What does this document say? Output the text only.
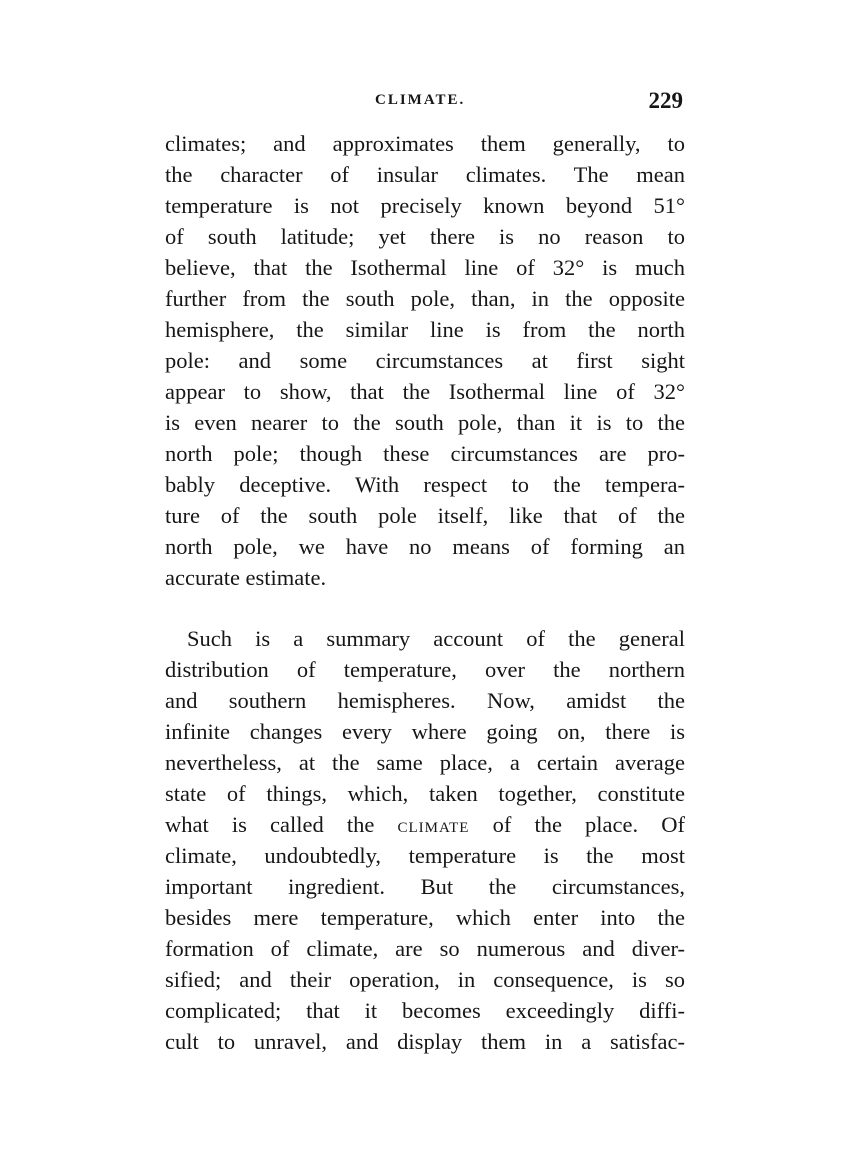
CLIMATE.	229
climates; and approximates them generally, to
the character of insular climates. The mean
temperature is not precisely known beyond 51°
of south latitude; yet there is no reason to
believe, that the Isothermal line of 32° is much
further from the south pole, than, in the opposite
hemisphere, the similar line is from the north
pole: and some circumstances at first sight
appear to show, that the Isothermal line of 32°
is even nearer to the south pole, than it is to the
north pole; though these circumstances are pro-
bably deceptive. With respect to the tempera-
ture of the south pole itself, like that of the
north pole, we have no means of forming an
accurate estimate.
Such is a summary account of the general
distribution of temperature, over the northern
and southern hemispheres. Now, amidst the
infinite changes every where going on, there is
nevertheless, at the same place, a certain average
state of things, which, taken together, constitute
what is called the CLIMATE of the place. Of
climate, undoubtedly, temperature is the most
important ingredient. But the circumstances,
besides mere temperature, which enter into the
formation of climate, are so numerous and diver-
sified; and their operation, in consequence, is so
complicated; that it becomes exceedingly diffi-
cult to unravel, and display them in a satisfac-
